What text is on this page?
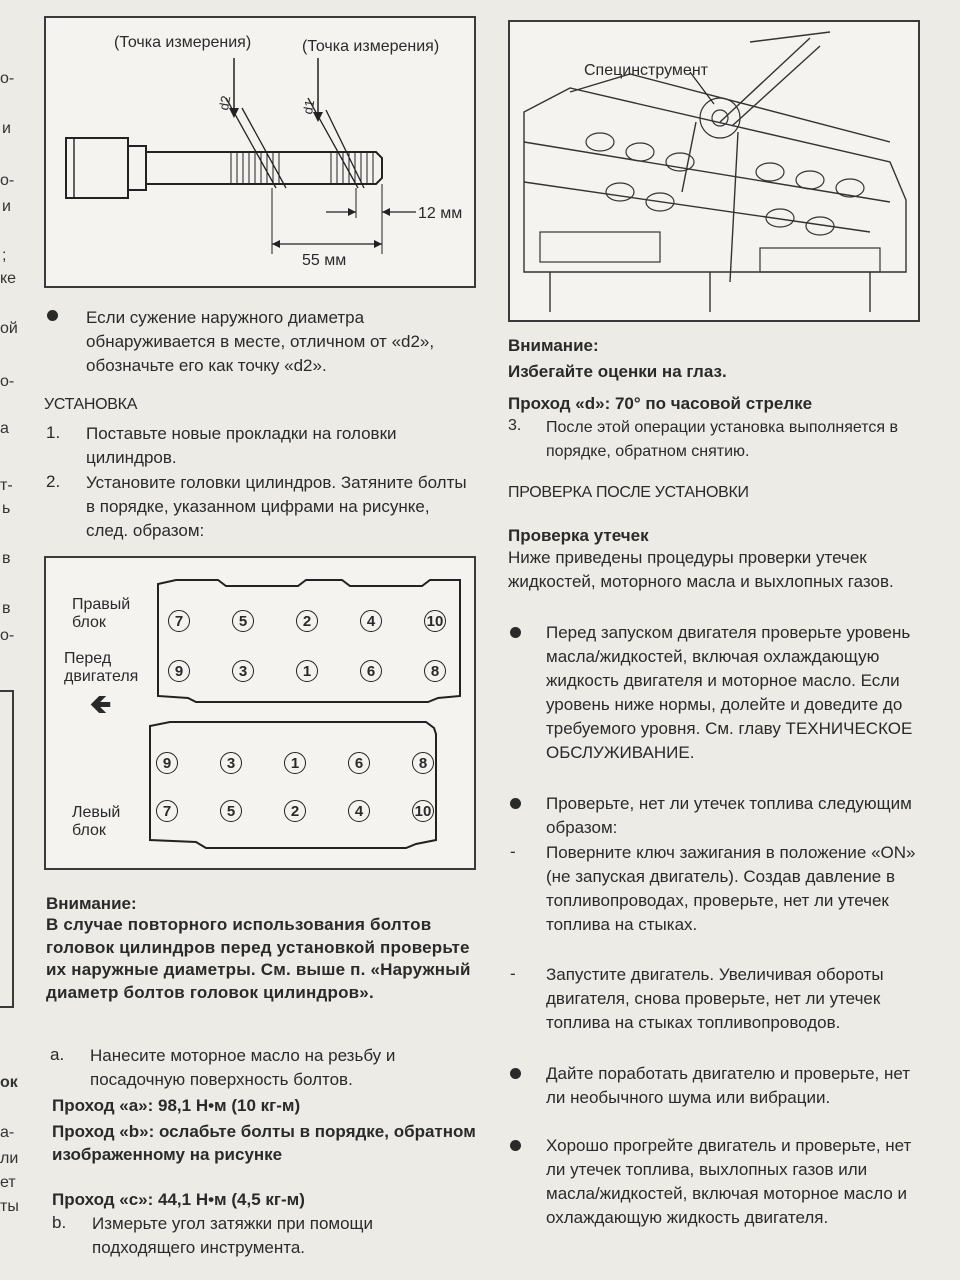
о-
и
о-
и
;
ке
ой
о-
а
т-
ь
в
в
о-
ок
а-
ли
ет
ты
(Точка измерения)	(Точка измерения)
d2	d1
12 мм
55 мм
Если сужение наружного диаметра обнаруживается в месте, отличном от «d2», обозначьте его как точку «d2».
УСТАНОВКА
1. Поставьте новые прокладки на головки цилиндров.
2. Установите головки цилиндров. Затяните болты в порядке, указанном цифрами на рисунке, след. образом:
Правый блок
Перед двигателя
🡸
Левый блок
7	5	2	4	10
9	3	1	6	8
9	3	1	6	8
7	5	2	4	10
Внимание:
В случае повторного использования болтов головок цилиндров перед установкой проверьте их наружные диаметры. См. выше п. «Наружный диаметр болтов головок цилиндров».
a. Нанесите моторное масло на резьбу и посадочную поверхность болтов.
Проход «a»: 98,1 Н•м (10 кг-м)
Проход «b»: ослабьте болты в порядке, обратном изображенному на рисунке
Проход «c»: 44,1 Н•м (4,5 кг-м)
b. Измерьте угол затяжки при помощи подходящего инструмента.
Специнструмент
Внимание:
Избегайте оценки на глаз.
Проход «d»: 70° по часовой стрелке
3. После этой операции установка выполняется в порядке, обратном снятию.
ПРОВЕРКА ПОСЛЕ УСТАНОВКИ
Проверка утечек
Ниже приведены процедуры проверки утечек жидкостей, моторного масла и выхлопных газов.
Перед запуском двигателя проверьте уровень масла/жидкостей, включая охлаждающую жидкость двигателя и моторное масло. Если уровень ниже нормы, долейте и доведите до требуемого уровня. См. главу ТЕХНИЧЕСКОЕ ОБСЛУЖИВАНИЕ.
Проверьте, нет ли утечек топлива следующим образом:
- Поверните ключ зажигания в положение «ON» (не запуская двигатель). Создав давление в топливопроводах, проверьте, нет ли утечек топлива на стыках.
- Запустите двигатель. Увеличивая обороты двигателя, снова проверьте, нет ли утечек топлива на стыках топливопроводов.
Дайте поработать двигателю и проверьте, нет ли необычного шума или вибрации.
Хорошо прогрейте двигатель и проверьте, нет ли утечек топлива, выхлопных газов или масла/жидкостей, включая моторное масло и охлаждающую жидкость двигателя.
